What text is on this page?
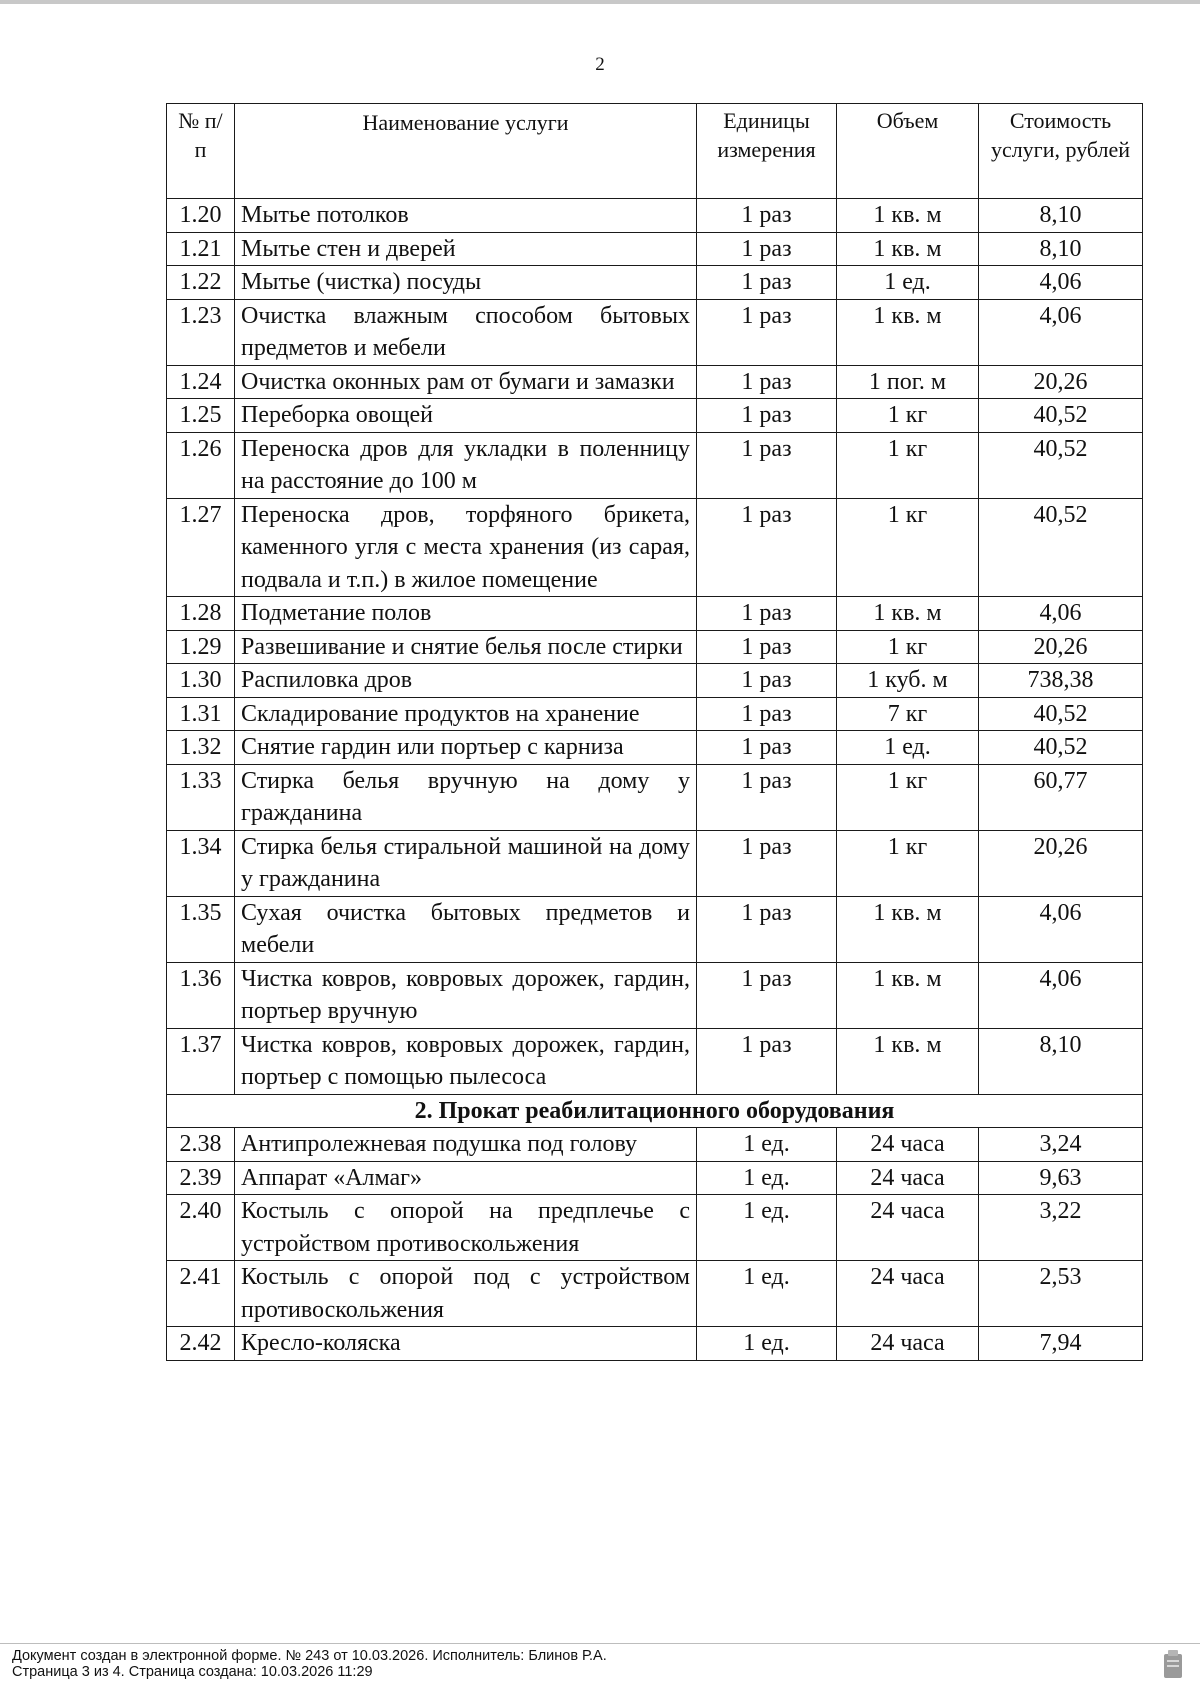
2
№ п/п	Наименование услуги	Единицы измерения	Объем	Стоимость услуги, рублей
1.20	Мытье потолков	1 раз	1 кв. м	8,10
1.21	Мытье стен и дверей	1 раз	1 кв. м	8,10
1.22	Мытье (чистка) посуды	1 раз	1 ед.	4,06
1.23	Очистка влажным способом бытовых предметов и мебели	1 раз	1 кв. м	4,06
1.24	Очистка оконных рам от бумаги и замазки	1 раз	1 пог. м	20,26
1.25	Переборка овощей	1 раз	1 кг	40,52
1.26	Переноска дров для укладки в поленницу на расстояние до 100 м	1 раз	1 кг	40,52
1.27	Переноска дров, торфяного брикета, каменного угля с места хранения (из сарая, подвала и т.п.) в жилое помещение	1 раз	1 кг	40,52
1.28	Подметание полов	1 раз	1 кв. м	4,06
1.29	Развешивание и снятие белья после стирки	1 раз	1 кг	20,26
1.30	Распиловка дров	1 раз	1 куб. м	738,38
1.31	Складирование продуктов на хранение	1 раз	7 кг	40,52
1.32	Снятие гардин или портьер с карниза	1 раз	1 ед.	40,52
1.33	Стирка белья вручную на дому у гражданина	1 раз	1 кг	60,77
1.34	Стирка белья стиральной машиной на дому у гражданина	1 раз	1 кг	20,26
1.35	Сухая очистка бытовых предметов и мебели	1 раз	1 кв. м	4,06
1.36	Чистка ковров, ковровых дорожек, гардин, портьер вручную	1 раз	1 кв. м	4,06
1.37	Чистка ковров, ковровых дорожек, гардин, портьер с помощью пылесоса	1 раз	1 кв. м	8,10
2. Прокат реабилитационного оборудования				
2.38	Антипролежневая подушка под голову	1 ед.	24 часа	3,24
2.39	Аппарат «Алмаг»	1 ед.	24 часа	9,63
2.40	Костыль с опорой на предплечье с устройством противоскольжения	1 ед.	24 часа	3,22
2.41	Костыль с опорой под с устройством противоскольжения	1 ед.	24 часа	2,53
2.42	Кресло-коляска	1 ед.	24 часа	7,94
Документ создан в электронной форме. № 243 от 10.03.2026. Исполнитель: Блинов Р.А.
Страница 3 из 4. Страница создана: 10.03.2026 11:29
